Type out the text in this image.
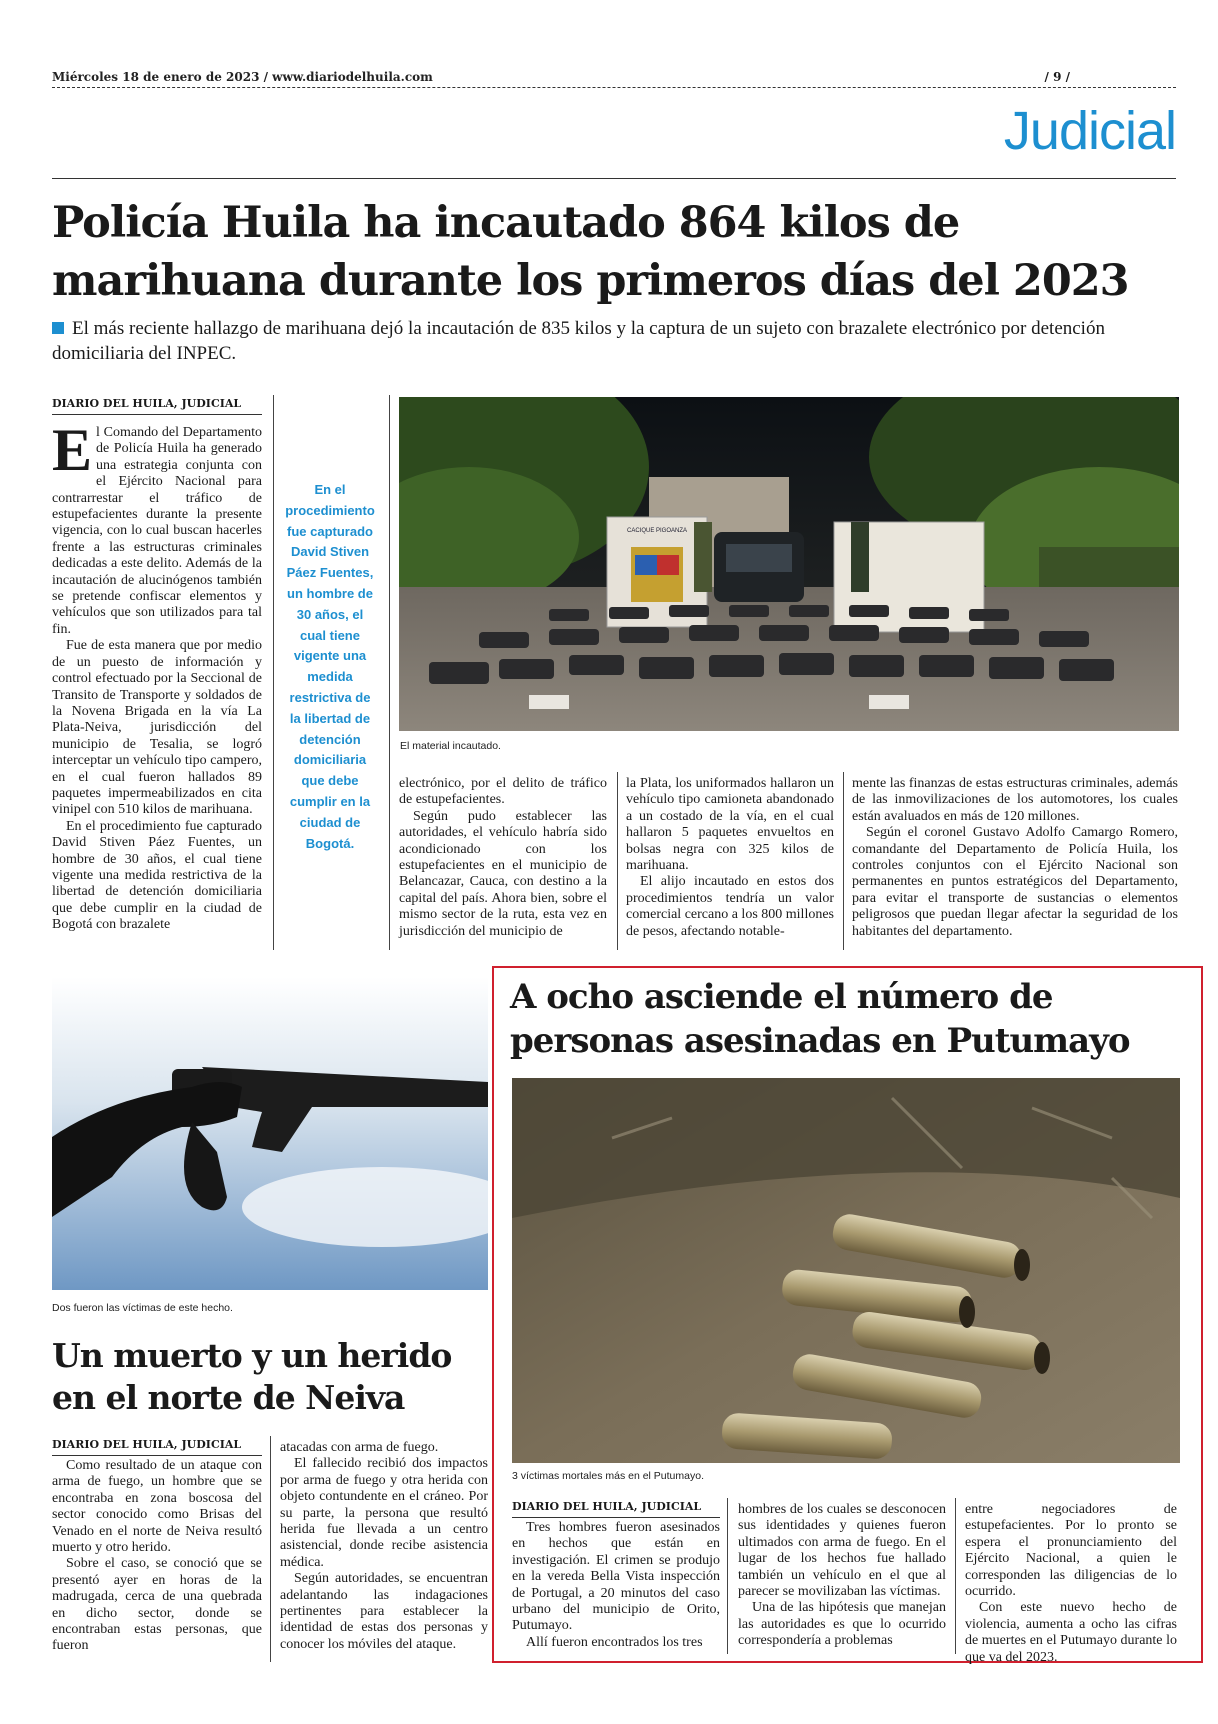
Miércoles 18 de enero de 2023 / www.diariodelhuila.com	/ 9 /
Judicial
Policía Huila ha incautado 864 kilos de marihuana durante los primeros días del 2023
El más reciente hallazgo de marihuana dejó la incautación de 835 kilos y la captura de un sujeto con brazalete electrónico por detención domiciliaria del INPEC.
DIARIO DEL HUILA, JUDICIAL
E l Comando del Departamento de Policía Huila ha generado una estrategia conjunta con el Ejército Nacional para contrarrestar el tráfico de estupefacientes durante la presente vigencia, con lo cual buscan hacerles frente a las estructuras criminales dedicadas a este delito. Además de la incautación de alucinógenos también se pretende confiscar elementos y vehículos que son utilizados para tal fin.

Fue de esta manera que por medio de un puesto de información y control efectuado por la Seccional de Transito de Transporte y soldados de la Novena Brigada en la vía La Plata-Neiva, jurisdicción del municipio de Tesalia, se logró interceptar un vehículo tipo campero, en el cual fueron hallados 89 paquetes impermeabilizados en cita vinipel con 510 kilos de marihuana.

En el procedimiento fue capturado David Stiven Páez Fuentes, un hombre de 30 años, el cual tiene vigente una medida restrictiva de la libertad de detención domiciliaria que debe cumplir en la ciudad de Bogotá con brazalete

En el procedimiento fue capturado David Stiven Páez Fuentes, un hombre de 30 años, el cual tiene vigente una medida restrictiva de la libertad de detención domiciliaria que debe cumplir en la ciudad de Bogotá.
CACIQUE PIGOANZA
El material incautado.

electrónico, por el delito de tráfico de estupefacientes.

Según pudo establecer las autoridades, el vehículo habría sido acondicionado con los estupefacientes en el municipio de Belancazar, Cauca, con destino a la capital del país. Ahora bien, sobre el mismo sector de la ruta, esta vez en jurisdicción del municipio de

la Plata, los uniformados hallaron un vehículo tipo camioneta abandonado a un costado de la vía, en el cual hallaron 5 paquetes envueltos en bolsas negra con 325 kilos de marihuana.

El alijo incautado en estos dos procedimientos tendría un valor comercial cercano a los 800 millones de pesos, afectando notable-

mente las finanzas de estas estructuras criminales, además de las inmovilizaciones de los automotores, los cuales están avaluados en más de 120 millones.

Según el coronel Gustavo Adolfo Camargo Romero, comandante del Departamento de Policía Huila, los controles conjuntos con el Ejército Nacional son permanentes en puntos estratégicos del Departamento, para evitar el transporte de sustancias o elementos peligrosos que puedan llegar afectar la seguridad de los habitantes del departamento.

Dos fueron las víctimas de este hecho.
Un muerto y un herido en el norte de Neiva
DIARIO DEL HUILA, JUDICIAL

Como resultado de un ataque con arma de fuego, un hombre que se encontraba en zona boscosa del sector conocido como Brisas del Venado en el norte de Neiva resultó muerto y otro herido.

Sobre el caso, se conoció que se presentó ayer en horas de la madrugada, cerca de una quebrada en dicho sector, donde se encontraban estas personas, que fueron

atacadas con arma de fuego.

El fallecido recibió dos impactos por arma de fuego y otra herida con objeto contundente en el cráneo. Por su parte, la persona que resultó herida fue llevada a un centro asistencial, donde recibe asistencia médica.

Según autoridades, se encuentran adelantando las indagaciones pertinentes para establecer la identidad de estas dos personas y conocer los móviles del ataque.

A ocho asciende el número de personas asesinadas en Putumayo
3 víctimas mortales más en el Putumayo.
DIARIO DEL HUILA, JUDICIAL

Tres hombres fueron asesinados en hechos que están en investigación. El crimen se produjo en la vereda Bella Vista inspección de Portugal, a 20 minutos del caso urbano del municipio de Orito, Putumayo.

Allí fueron encontrados los tres

hombres de los cuales se desconocen sus identidades y quienes fueron ultimados con arma de fuego. En el lugar de los hechos fue hallado también un vehículo en el que al parecer se movilizaban las víctimas.

Una de las hipótesis que manejan las autoridades es que lo ocurrido correspondería a problemas

entre negociadores de estupefacientes. Por lo pronto se espera el pronunciamiento del Ejército Nacional, a quien le corresponden las diligencias de lo ocurrido.

Con este nuevo hecho de violencia, aumenta a ocho las cifras de muertes en el Putumayo durante lo que va del 2023.
